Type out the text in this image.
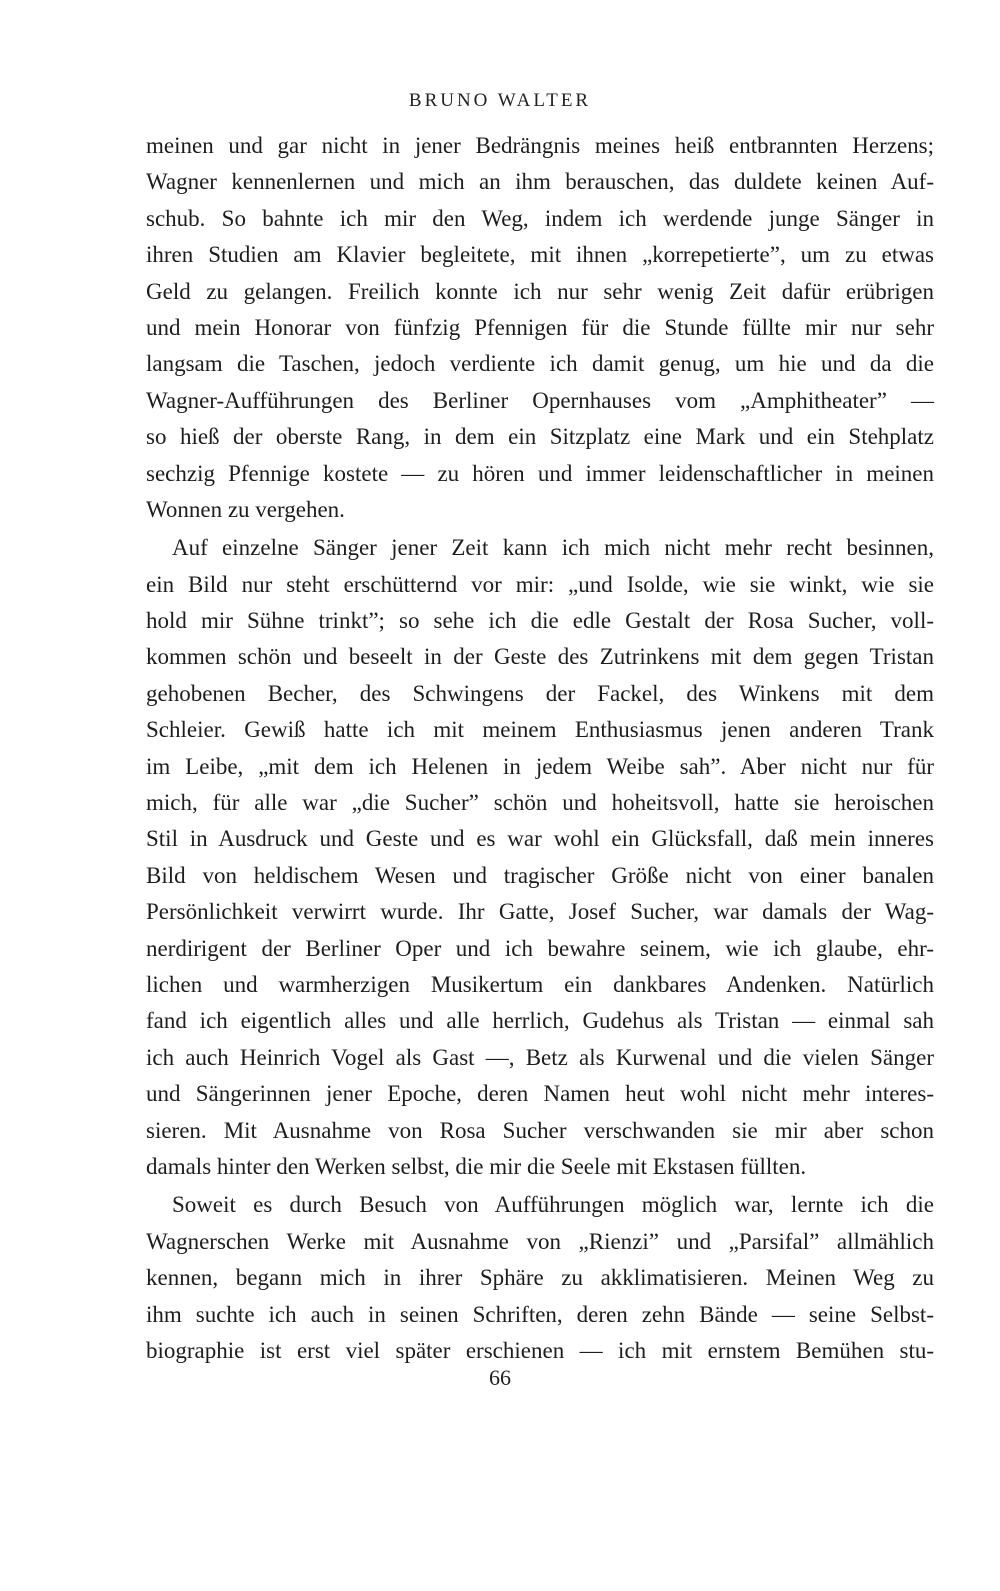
BRUNO WALTER
meinen und gar nicht in jener Bedrängnis meines heiß entbrannten Herzens;
Wagner kennenlernen und mich an ihm berauschen, das duldete keinen Auf-
schub. So bahnte ich mir den Weg, indem ich werdende junge Sänger in
ihren Studien am Klavier begleitete, mit ihnen „korrepetierte”, um zu etwas
Geld zu gelangen. Freilich konnte ich nur sehr wenig Zeit dafür erübrigen
und mein Honorar von fünfzig Pfennigen für die Stunde füllte mir nur sehr
langsam die Taschen, jedoch verdiente ich damit genug, um hie und da die
Wagner-Aufführungen des Berliner Opernhauses vom „Amphitheater” —
so hieß der oberste Rang, in dem ein Sitzplatz eine Mark und ein Stehplatz
sechzig Pfennige kostete — zu hören und immer leidenschaftlicher in meinen
Wonnen zu vergehen.
Auf einzelne Sänger jener Zeit kann ich mich nicht mehr recht besinnen,
ein Bild nur steht erschütternd vor mir: „und Isolde, wie sie winkt, wie sie
hold mir Sühne trinkt”; so sehe ich die edle Gestalt der Rosa Sucher, voll-
kommen schön und beseelt in der Geste des Zutrinkens mit dem gegen Tristan
gehobenen Becher, des Schwingens der Fackel, des Winkens mit dem
Schleier. Gewiß hatte ich mit meinem Enthusiasmus jenen anderen Trank
im Leibe, „mit dem ich Helenen in jedem Weibe sah”. Aber nicht nur für
mich, für alle war „die Sucher” schön und hoheitsvoll, hatte sie heroischen
Stil in Ausdruck und Geste und es war wohl ein Glücksfall, daß mein inneres
Bild von heldischem Wesen und tragischer Größe nicht von einer banalen
Persönlichkeit verwirrt wurde. Ihr Gatte, Josef Sucher, war damals der Wag-
nerdirigent der Berliner Oper und ich bewahre seinem, wie ich glaube, ehr-
lichen und warmherzigen Musikertum ein dankbares Andenken. Natürlich
fand ich eigentlich alles und alle herrlich, Gudehus als Tristan — einmal sah
ich auch Heinrich Vogel als Gast —, Betz als Kurwenal und die vielen Sänger
und Sängerinnen jener Epoche, deren Namen heut wohl nicht mehr interes-
sieren. Mit Ausnahme von Rosa Sucher verschwanden sie mir aber schon
damals hinter den Werken selbst, die mir die Seele mit Ekstasen füllten.
Soweit es durch Besuch von Aufführungen möglich war, lernte ich die
Wagnerschen Werke mit Ausnahme von „Rienzi” und „Parsifal” allmählich
kennen, begann mich in ihrer Sphäre zu akklimatisieren. Meinen Weg zu
ihm suchte ich auch in seinen Schriften, deren zehn Bände — seine Selbst-
biographie ist erst viel später erschienen — ich mit ernstem Bemühen stu-
66
